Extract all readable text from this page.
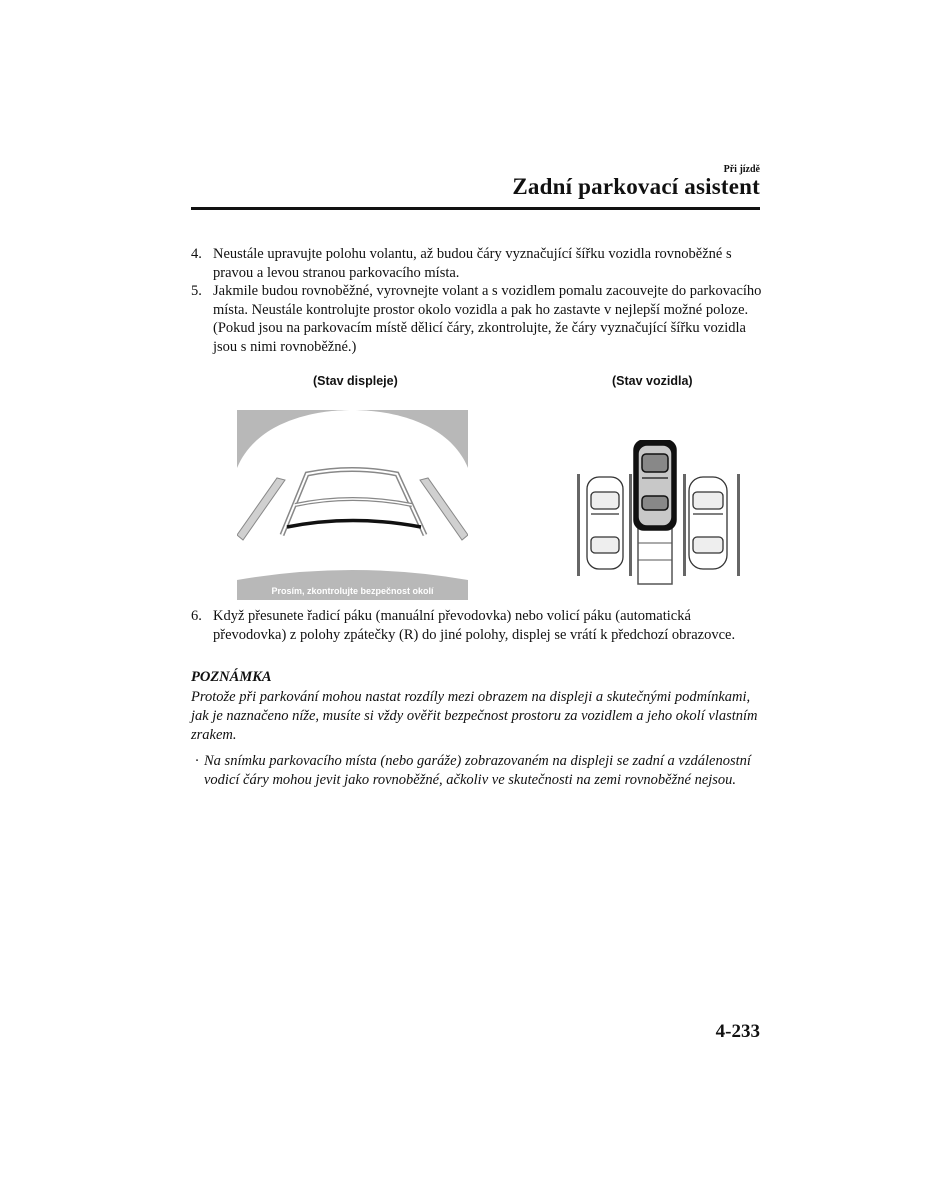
Při jízdě
Zadní parkovací asistent
4. Neustále upravujte polohu volantu, až budou čáry vyznačující šířku vozidla rovnoběžné s pravou a levou stranou parkovacího místa.
5. Jakmile budou rovnoběžné, vyrovnejte volant a s vozidlem pomalu zacouvejte do parkovacího místa. Neustále kontrolujte prostor okolo vozidla a pak ho zastavte v nejlepší možné poloze. (Pokud jsou na parkovacím místě dělicí čáry, zkontrolujte, že čáry vyznačující šířku vozidla jsou s nimi rovnoběžné.)
(Stav displeje)	(Stav vozidla)
Prosím, zkontrolujte bezpečnost okolí
6. Když přesunete řadicí páku (manuální převodovka) nebo volicí páku (automatická převodovka) z polohy zpátečky (R) do jiné polohy, displej se vrátí k předchozí obrazovce.
POZNÁMKA
Protože při parkování mohou nastat rozdíly mezi obrazem na displeji a skutečnými podmínkami, jak je naznačeno níže, musíte si vždy ověřit bezpečnost prostoru za vozidlem a jeho okolí vlastním zrakem.
· Na snímku parkovacího místa (nebo garáže) zobrazovaném na displeji se zadní a vzdálenostní vodicí čáry mohou jevit jako rovnoběžné, ačkoliv ve skutečnosti na zemi rovnoběžné nejsou.
4-233
